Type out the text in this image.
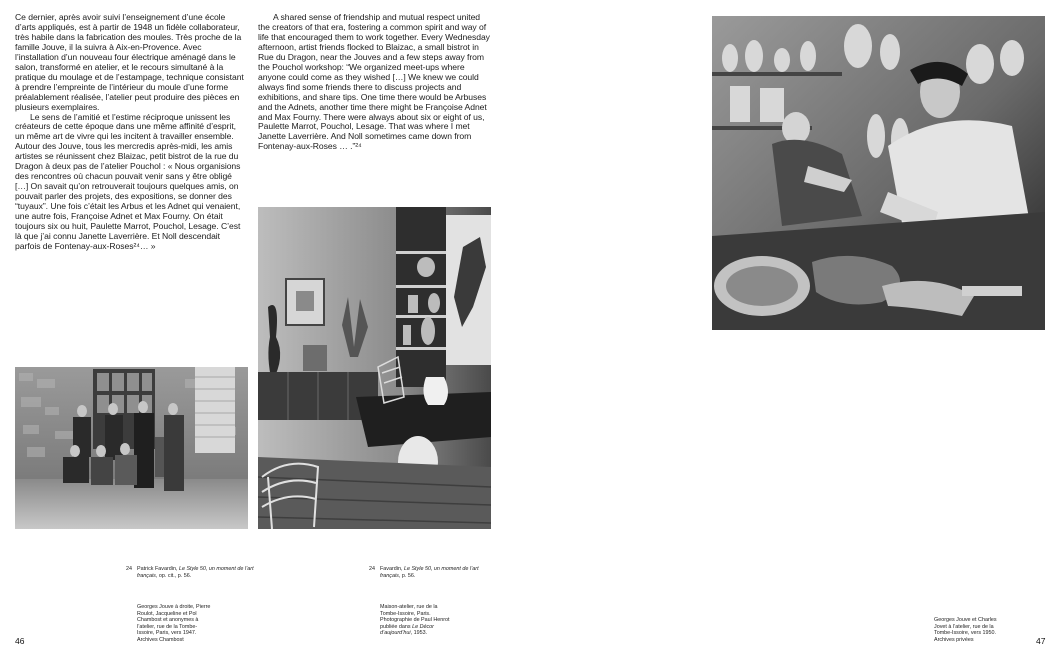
Ce dernier, après avoir suivi l’enseignement d’une école d’arts appliqués, est à partir de 1948 un fidèle collaborateur, très habile dans la fabrication des moules. Très proche de la famille Jouve, il la suivra à Aix-en-Provence. Avec l’installation d’un nouveau four électrique aménagé dans le salon, transformé en atelier, et le recours simultané à la pratique du moulage et de l’estampage, technique consistant à prendre l’empreinte de l’intérieur du moule d’une forme préalablement réalisée, l’atelier peut produire des pièces en plusieurs exemplaires.

Le sens de l’amitié et l’estime réciproque unissent les créateurs de cette époque dans une même affinité d’esprit, un même art de vivre qui les incitent à travailler ensemble. Autour des Jouve, tous les mercredis après-midi, les amis artistes se réunissent chez Blaizac, petit bistrot de la rue du Dragon à deux pas de l’atelier Pouchol : « Nous organisions des rencontres où chacun pouvait venir sans y être obligé […] On savait qu’on retrouverait toujours quelques amis, on pouvait parler des projets, des expositions, se donner des “tuyaux”. Une fois c’était les Arbus et les Adnet qui venaient, une autre fois, Françoise Adnet et Max Fourny. On était toujours six ou huit, Paulette Marrot, Pouchol, Lesage. C’est là que j’ai connu Janette Laverrière. Et Noll descendait parfois de Fontenay-aux-Roses²⁴… »

A shared sense of friendship and mutual respect united the creators of that era, fostering a common spirit and way of life that encouraged them to work together. Every Wednesday afternoon, artist friends flocked to Blaizac, a small bistrot in Rue du Dragon, near the Jouves and a few steps away from the Pouchol workshop: “We organized meet-ups where anyone could come as they wished […] We knew we could always find some friends there to discuss projects and exhibitions, and share tips. One time there would be Arbuses and the Adnets, another time there might be Françoise Adnet and Max Fourny. There were always about six or eight of us, Paulette Marrot, Pouchol, Lesage. That was where I met Janette Laverrière. And Noll sometimes came down from Fontenay-aux-Roses … .”²⁴

24 Patrick Favardin, Le Style 50, un moment de l’art français, op. cit., p. 56.
24 Favardin, Le Style 50, un moment de l’art français, p. 56.
Georges Jouve à droite, Pierre Roulot, Jacqueline et Pol Chambost et anonymes à l’atelier, rue de la Tombe-Issoire, Paris, vers 1947. Archives Chambost
Maison-atelier, rue de la Tombe-Issoire, Paris. Photographie de Paul Henrot publiée dans Le Décor d’aujourd’hui, 1953.
Georges Jouve et Charles Jovet à l’atelier, rue de la Tombe-Issoire, vers 1950. Archives privées
46	47
